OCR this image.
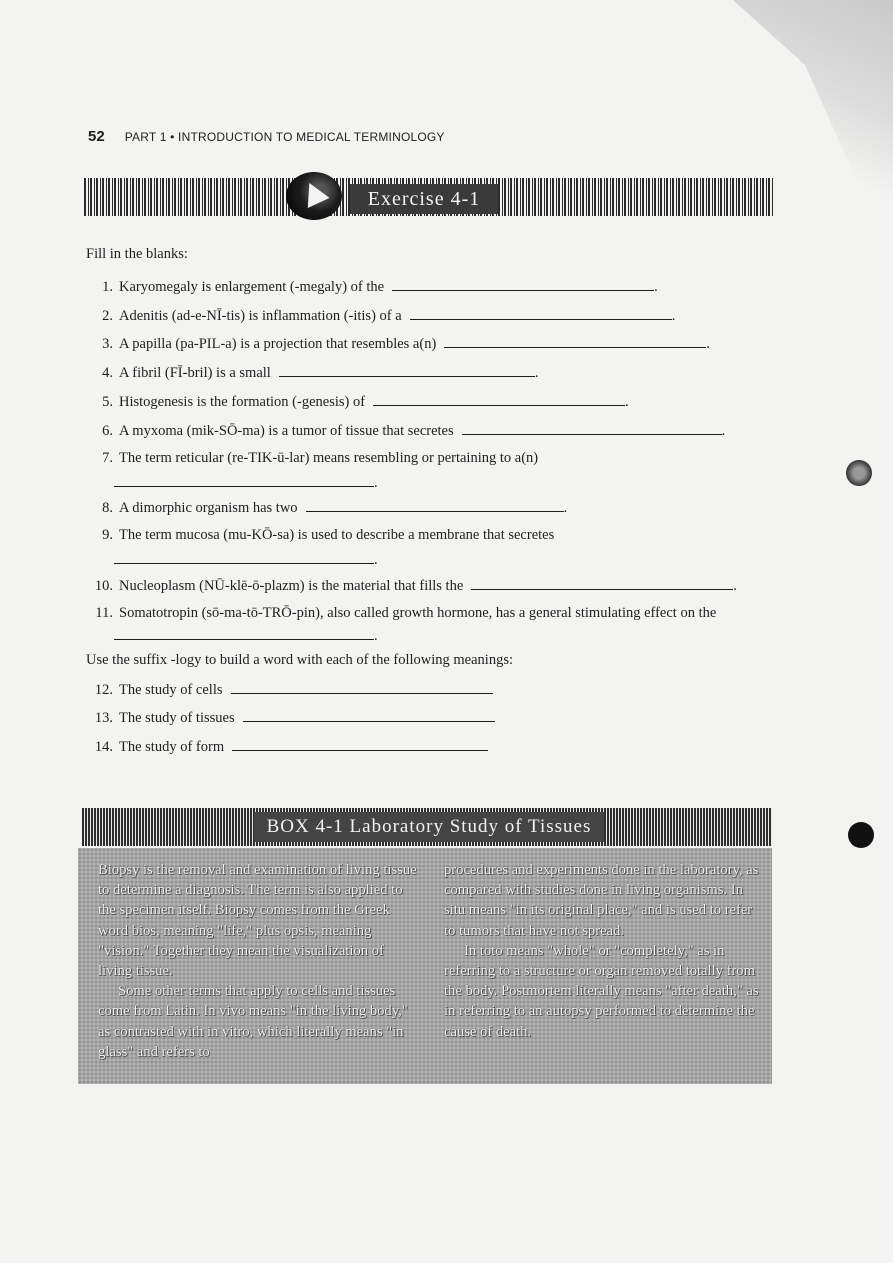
52 PART 1 • INTRODUCTION TO MEDICAL TERMINOLOGY
Exercise 4-1
Fill in the blanks:
1. Karyomegaly is enlargement (-megaly) of the	.
2. Adenitis (ad-e-NĪ-tis) is inflammation (-itis) of a	.
3. A papilla (pa-PIL-a) is a projection that resembles a(n)	.
4. A fibril (FĪ-bril) is a small	.
5. Histogenesis is the formation (-genesis) of	.
6. A myxoma (mik-SŌ-ma) is a tumor of tissue that secretes	.
7. The term reticular (re-TIK-ū-lar) means resembling or pertaining to a(n)
.
8. A dimorphic organism has two	.
9. The term mucosa (mu-KŌ-sa) is used to describe a membrane that secretes
.
10. Nucleoplasm (NŪ-klē-ō-plazm) is the material that fills the	.
11. Somatotropin (sō-ma-tō-TRŌ-pin), also called growth hormone, has a general stimulating effect on the
.
Use the suffix -logy to build a word with each of the following meanings:
12. The study of cells
13. The study of tissues
14. The study of form
BOX 4-1 Laboratory Study of Tissues

Biopsy is the removal and examination of living tissue to determine a diagnosis. The term is also applied to the specimen itself. Biopsy comes from the Greek word bios, meaning "life," plus opsis, meaning "vision." Together they mean the visualization of living tissue.

Some other terms that apply to cells and tissues come from Latin. In vivo means "in the living body," as contrasted with in vitro, which literally means "in glass" and refers to

procedures and experiments done in the laboratory, as compared with studies done in living organisms. In situ means "in its original place," and is used to refer to tumors that have not spread.

In toto means "whole" or "completely," as in referring to a structure or organ removed totally from the body. Postmortem literally means "after death," as in referring to an autopsy performed to determine the cause of death.
